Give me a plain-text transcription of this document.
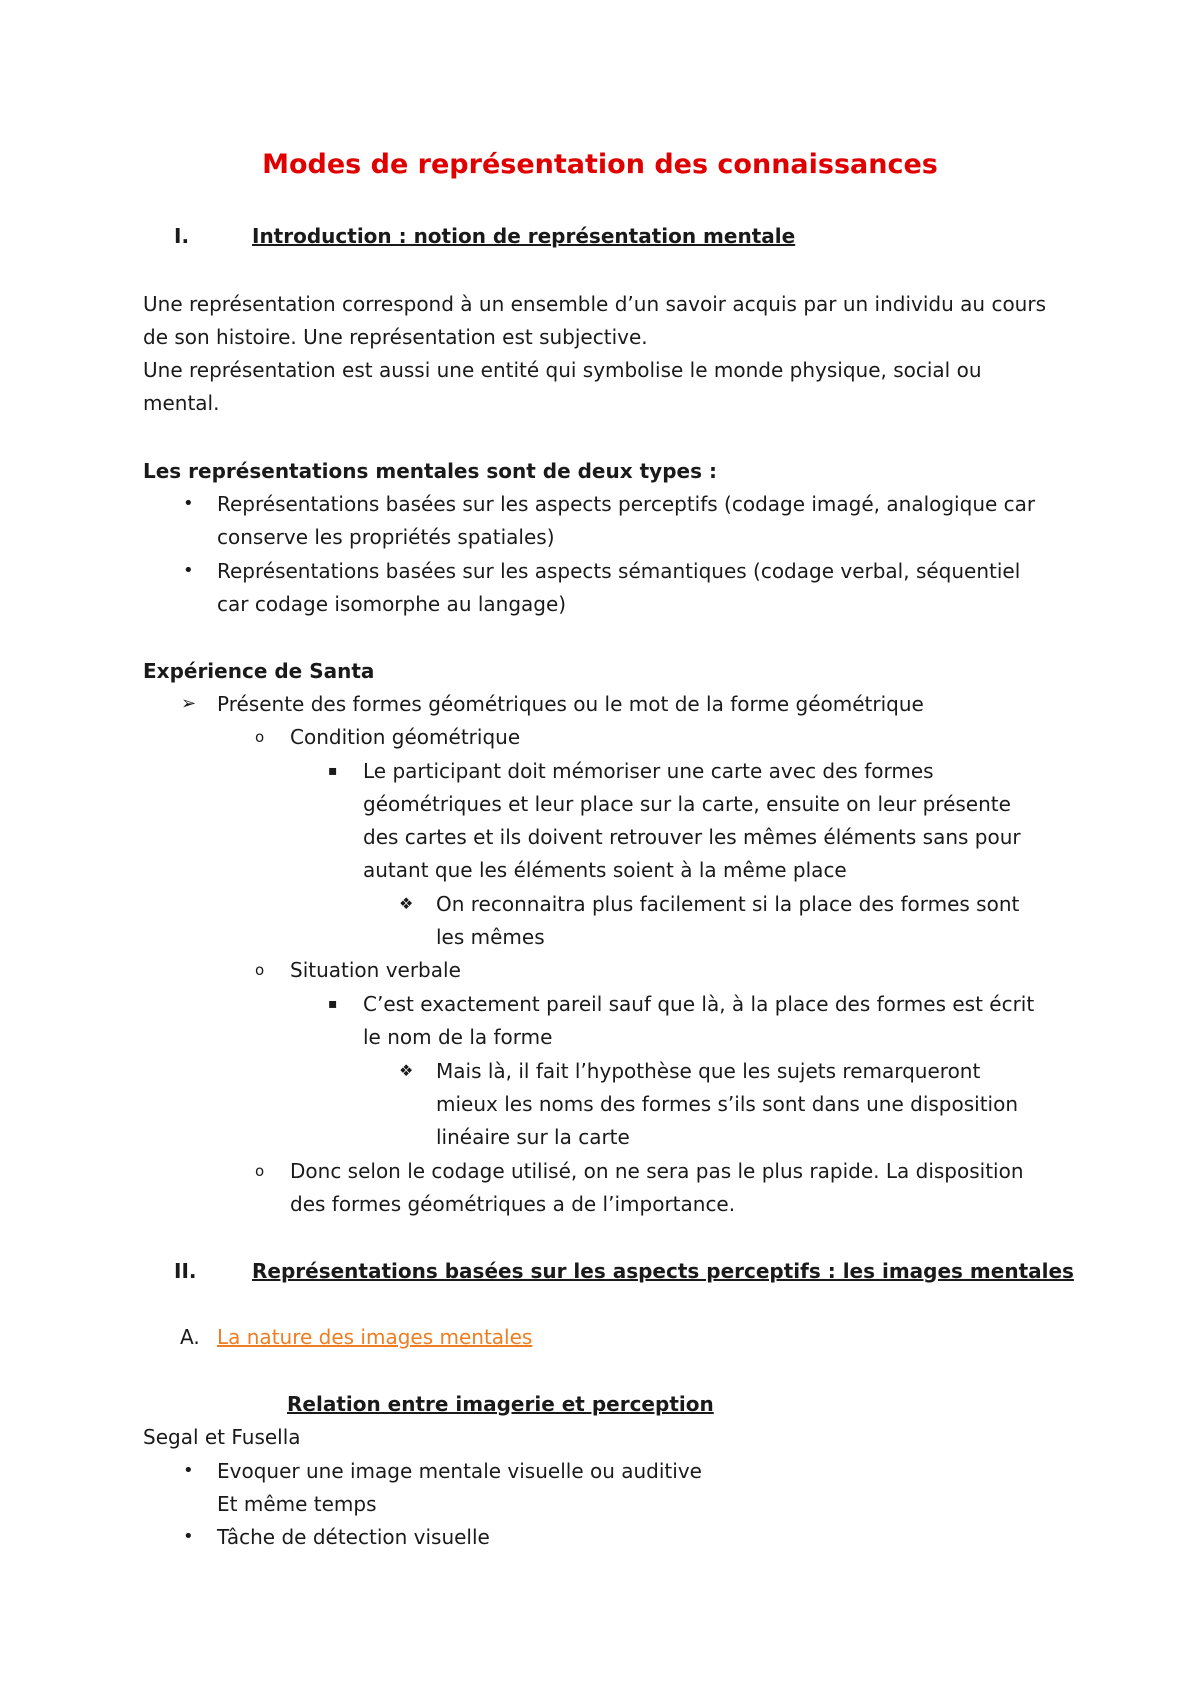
Modes de représentation des connaissances
I.	Introduction : notion de représentation mentale
Une représentation correspond à un ensemble d’un savoir acquis par un individu au cours
de son histoire. Une représentation est subjective.
Une représentation est aussi une entité qui symbolise le monde physique, social ou
mental.
Les représentations mentales sont de deux types :
• Représentations basées sur les aspects perceptifs (codage imagé, analogique car
conserve les propriétés spatiales)
• Représentations basées sur les aspects sémantiques (codage verbal, séquentiel
car codage isomorphe au langage)
Expérience de Santa
➢ Présente des formes géométriques ou le mot de la forme géométrique
o Condition géométrique
▪ Le participant doit mémoriser une carte avec des formes
géométriques et leur place sur la carte, ensuite on leur présente
des cartes et ils doivent retrouver les mêmes éléments sans pour
autant que les éléments soient à la même place
❖ On reconnaitra plus facilement si la place des formes sont
les mêmes
o Situation verbale
▪ C’est exactement pareil sauf que là, à la place des formes est écrit
le nom de la forme
❖ Mais là, il fait l’hypothèse que les sujets remarqueront
mieux les noms des formes s’ils sont dans une disposition
linéaire sur la carte
o Donc selon le codage utilisé, on ne sera pas le plus rapide. La disposition
des formes géométriques a de l’importance.
II.	Représentations basées sur les aspects perceptifs : les images mentales
A. La nature des images mentales
Relation entre imagerie et perception
Segal et Fusella
• Evoquer une image mentale visuelle ou auditive
Et même temps
• Tâche de détection visuelle
